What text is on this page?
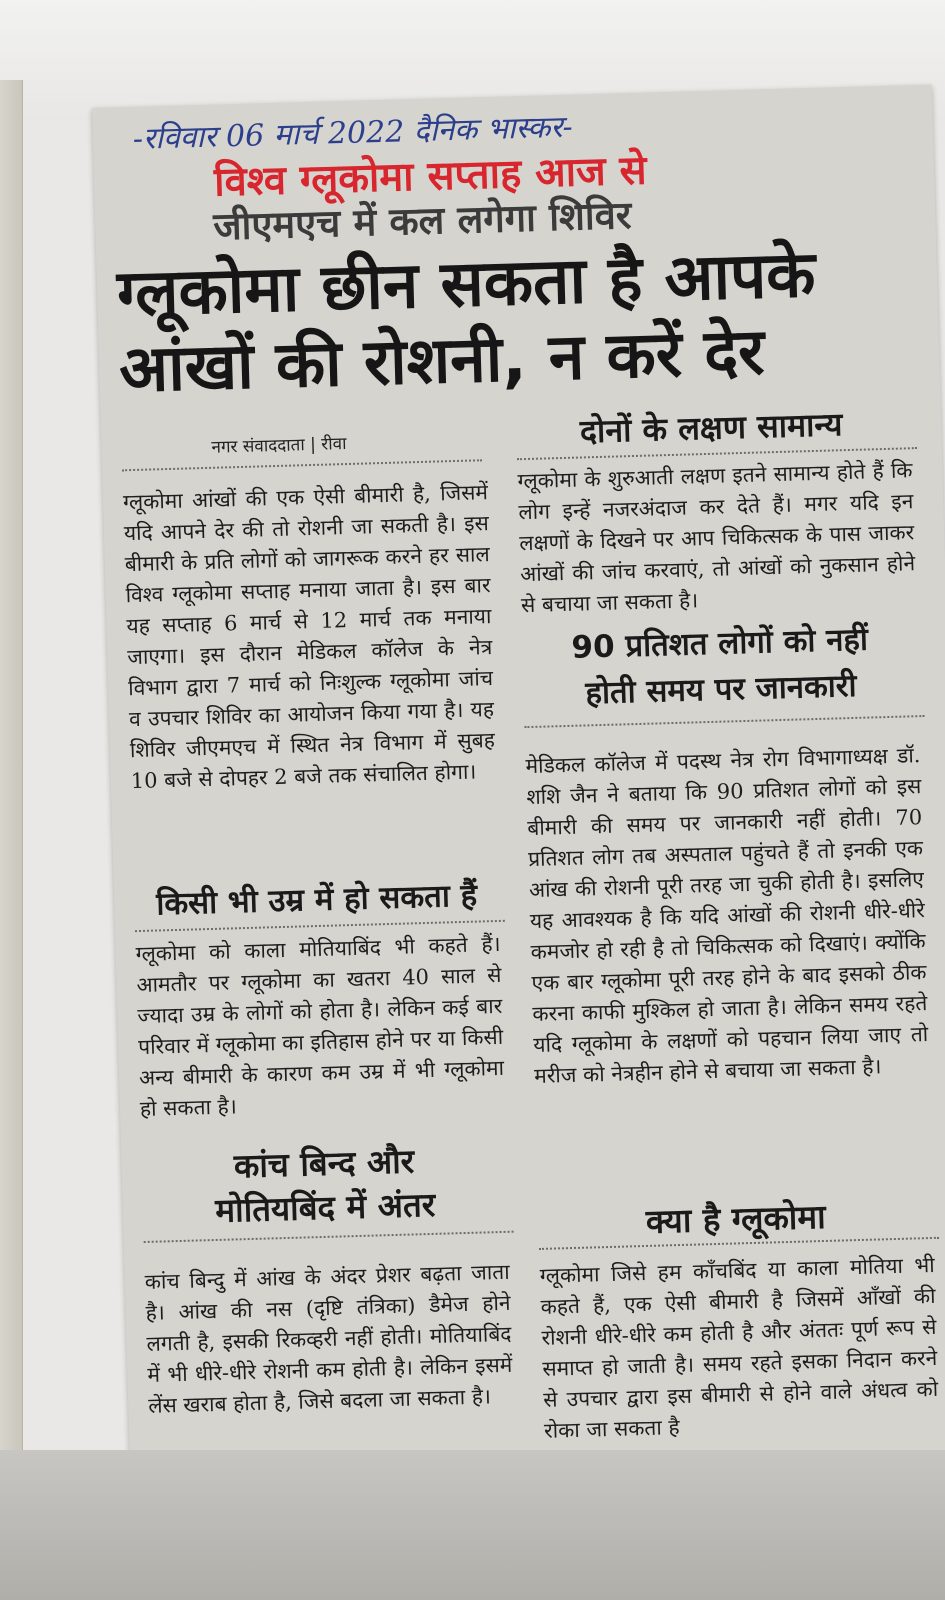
-रविवार 06 मार्च 2022 दैनिक भास्कर-
विश्व ग्लूकोमा सप्ताह आज से
जीएमएच में कल लगेगा शिविर
ग्लूकोमा छीन सकता है आपके
आंखों की रोशनी, न करें देर
नगर संवाददाता | रीवा
ग्लूकोमा आंखों की एक ऐसी बीमारी है, जिसमें यदि आपने देर की तो रोशनी जा सकती है। इस बीमारी के प्रति लोगों को जागरूक करने हर साल विश्व ग्लूकोमा सप्ताह मनाया जाता है। इस बार यह सप्ताह 6 मार्च से 12 मार्च तक मनाया जाएगा। इस दौरान मेडिकल कॉलेज के नेत्र विभाग द्वारा 7 मार्च को निःशुल्क ग्लूकोमा जांच व उपचार शिविर का आयोजन किया गया है। यह शिविर जीएमएच में स्थित नेत्र विभाग में सुबह 10 बजे से दोपहर 2 बजे तक संचालित होगा।
किसी भी उम्र में हो सकता हैं
ग्लूकोमा को काला मोतियाबिंद भी कहते हैं। आमतौर पर ग्लूकोमा का खतरा 40 साल से ज्यादा उम्र के लोगों को होता है। लेकिन कई बार परिवार में ग्लूकोमा का इतिहास होने पर या किसी अन्य बीमारी के कारण कम उम्र में भी ग्लूकोमा हो सकता है।
कांच बिन्द और
मोतियबिंद में अंतर
कांच बिन्दु में आंख के अंदर प्रेशर बढ़ता जाता है। आंख की नस (दृष्टि तंत्रिका) डैमेज होने लगती है, इसकी रिकव्हरी नहीं होती। मोतियाबिंद में भी धीरे-धीरे रोशनी कम होती है। लेकिन इसमें लेंस खराब होता है, जिसे बदला जा सकता है।
दोनों के लक्षण सामान्य
ग्लूकोमा के शुरुआती लक्षण इतने सामान्य होते हैं कि लोग इन्हें नजरअंदाज कर देते हैं। मगर यदि इन लक्षणों के दिखने पर आप चिकित्सक के पास जाकर आंखों की जांच करवाएं, तो आंखों को नुकसान होने से बचाया जा सकता है।
90 प्रतिशत लोगों को नहीं
होती समय पर जानकारी
मेडिकल कॉलेज में पदस्थ नेत्र रोग विभागाध्यक्ष डॉ. शशि जैन ने बताया कि 90 प्रतिशत लोगों को इस बीमारी की समय पर जानकारी नहीं होती। 70 प्रतिशत लोग तब अस्पताल पहुंचते हैं तो इनकी एक आंख की रोशनी पूरी तरह जा चुकी होती है। इसलिए यह आवश्यक है कि यदि आंखों की रोशनी धीरे-धीरे कमजोर हो रही है तो चिकित्सक को दिखाएं। क्योंकि एक बार ग्लूकोमा पूरी तरह होने के बाद इसको ठीक करना काफी मुश्किल हो जाता है। लेकिन समय रहते यदि ग्लूकोमा के लक्षणों को पहचान लिया जाए तो मरीज को नेत्रहीन होने से बचाया जा सकता है।
क्या है ग्लूकोमा
ग्लूकोमा जिसे हम काँचबिंद या काला मोतिया भी कहते हैं, एक ऐसी बीमारी है जिसमें आँखों की रोशनी धीरे-धीरे कम होती है और अंततः पूर्ण रूप से समाप्त हो जाती है। समय रहते इसका निदान करने से उपचार द्वारा इस बीमारी से होने वाले अंधत्व को रोका जा सकता है
